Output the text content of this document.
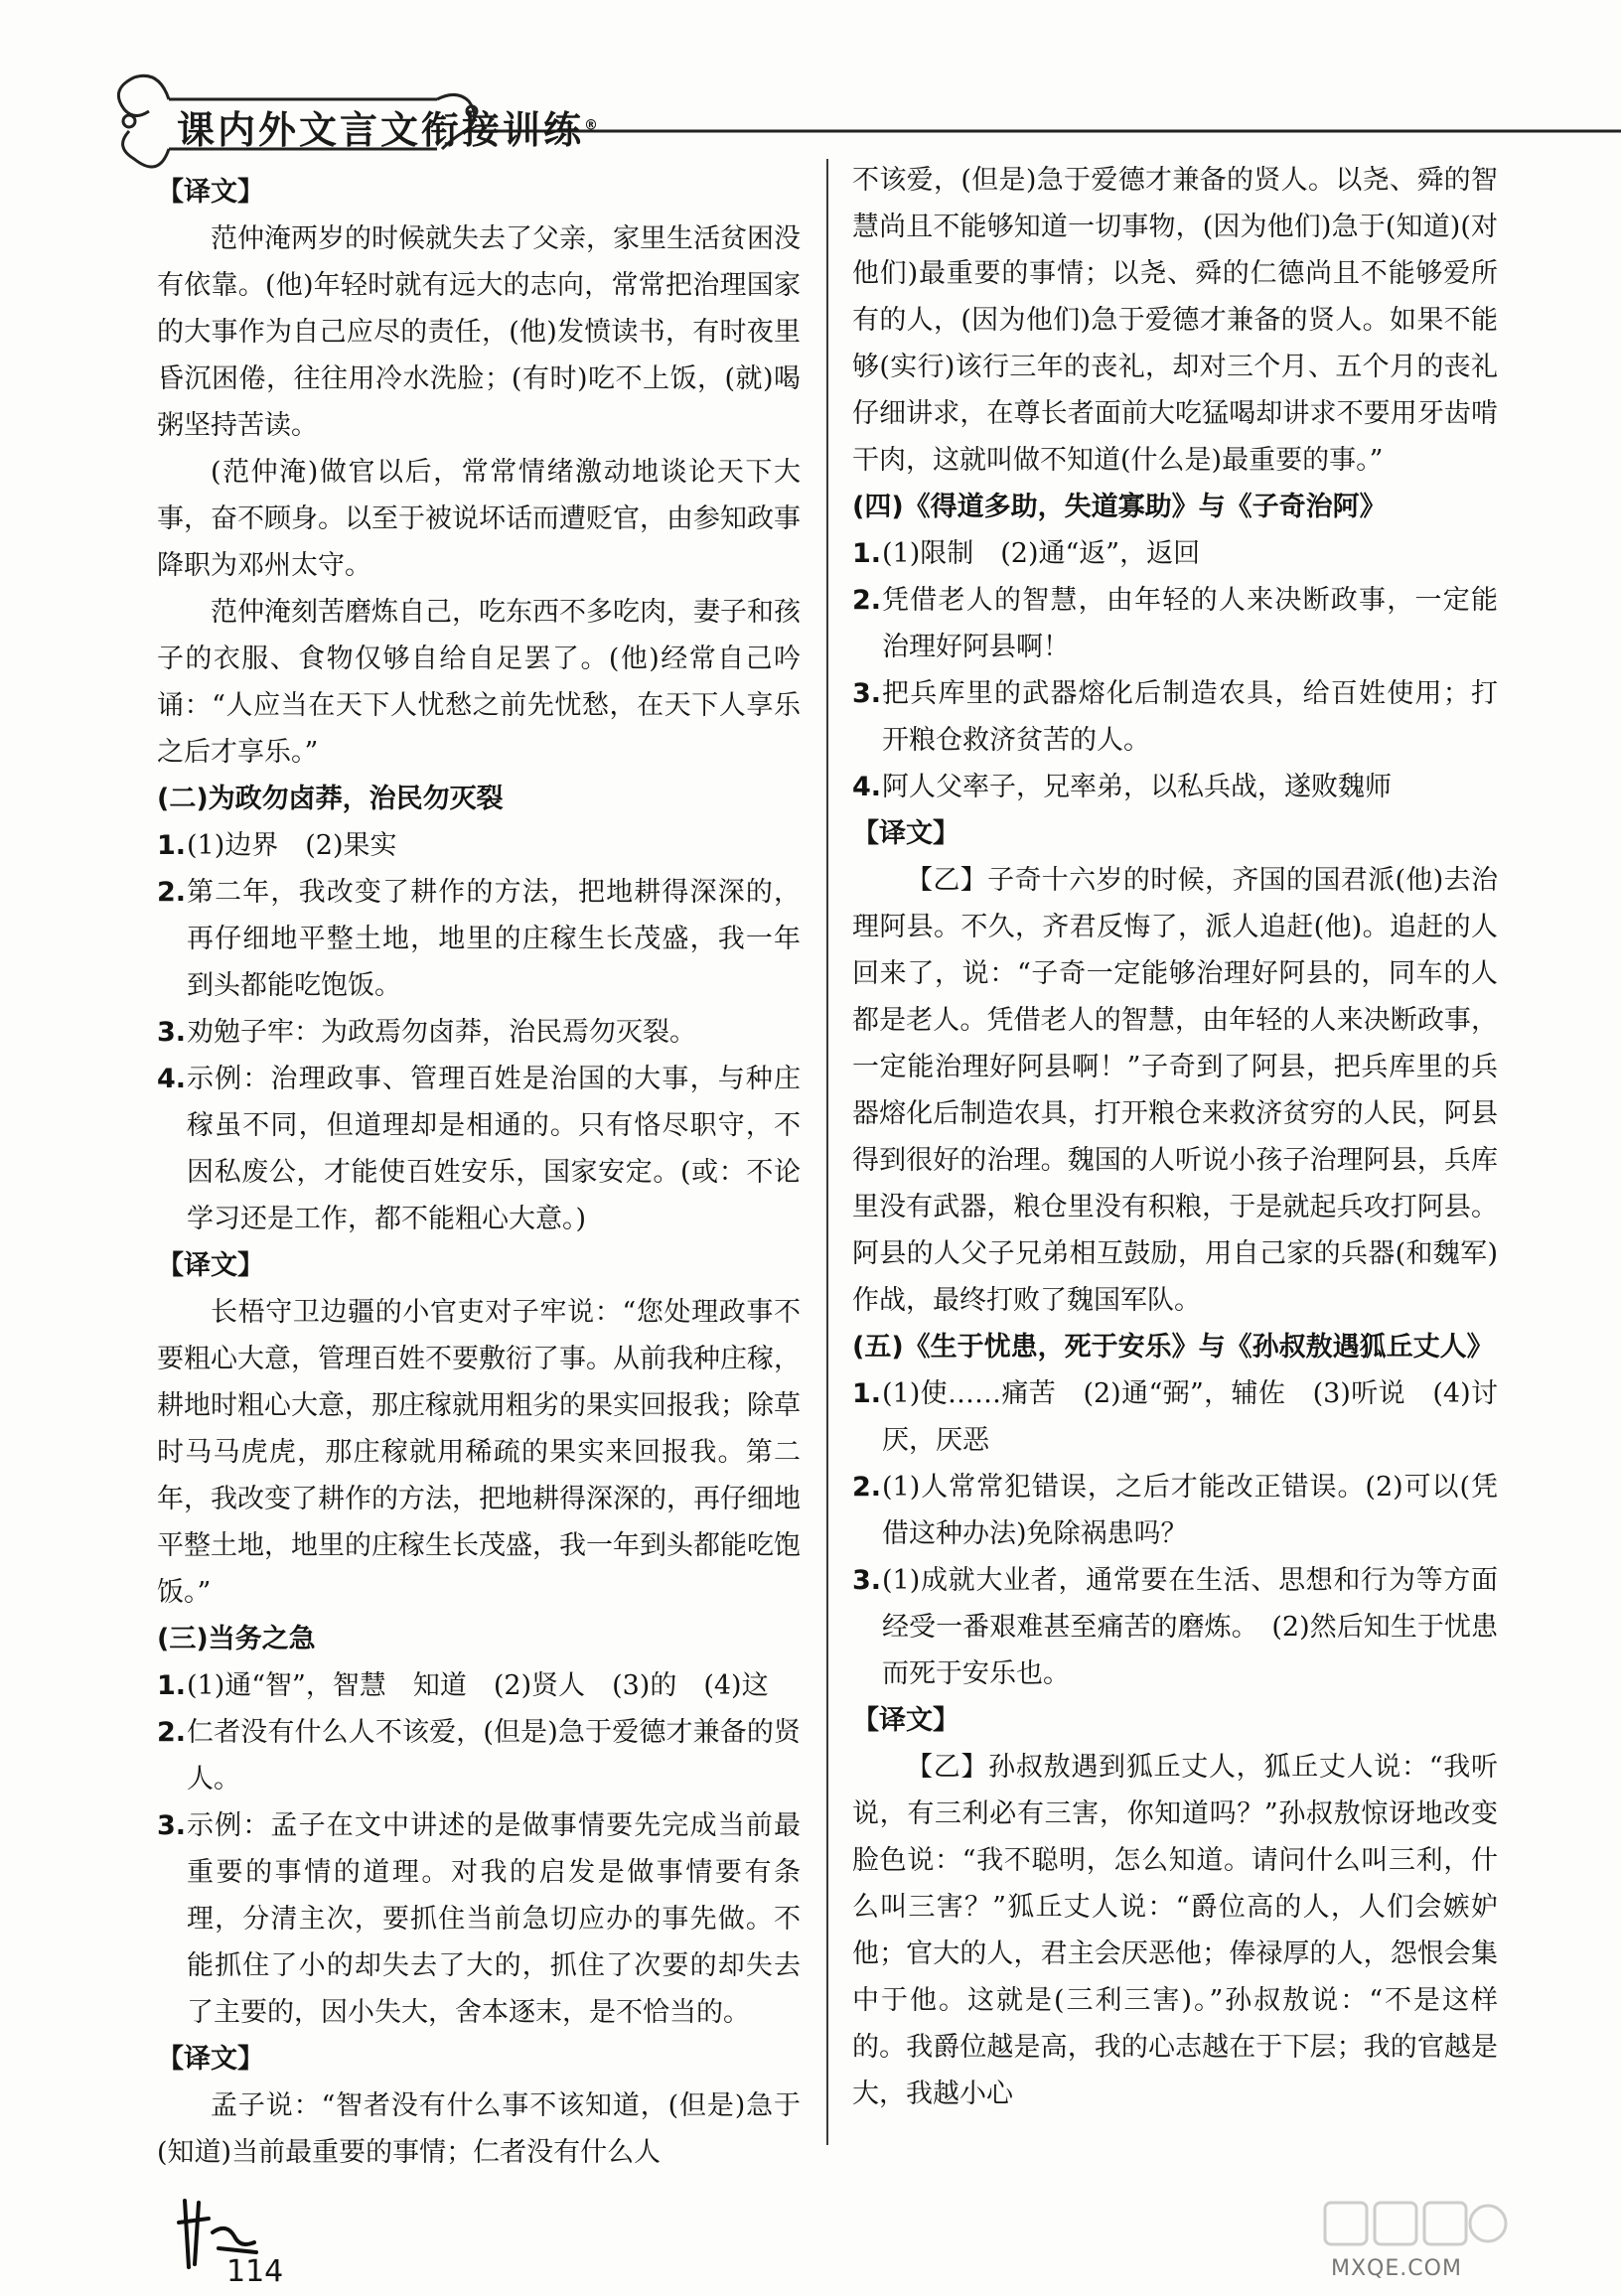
课内外文言文衔接训练®
【译文】

范仲淹两岁的时候就失去了父亲，家里生活贫困没有依靠。(他)年轻时就有远大的志向，常常把治理国家的大事作为自己应尽的责任，(他)发愤读书，有时夜里昏沉困倦，往往用冷水洗脸；(有时)吃不上饭，(就)喝粥坚持苦读。

(范仲淹)做官以后，常常情绪激动地谈论天下大事，奋不顾身。以至于被说坏话而遭贬官，由参知政事降职为邓州太守。

范仲淹刻苦磨炼自己，吃东西不多吃肉，妻子和孩子的衣服、食物仅够自给自足罢了。(他)经常自己吟诵：“人应当在天下人忧愁之前先忧愁，在天下人享乐之后才享乐。”

(二)为政勿卤莽，治民勿灭裂
1. (1)边界　(2)果实
2. 第二年，我改变了耕作的方法，把地耕得深深的，再仔细地平整土地，地里的庄稼生长茂盛，我一年到头都能吃饱饭。
3. 劝勉子牢：为政焉勿卤莽，治民焉勿灭裂。
4. 示例：治理政事、管理百姓是治国的大事，与种庄稼虽不同，但道理却是相通的。只有恪尽职守，不因私废公，才能使百姓安乐，国家安定。(或：不论学习还是工作，都不能粗心大意。)
【译文】

长梧守卫边疆的小官吏对子牢说：“您处理政事不要粗心大意，管理百姓不要敷衍了事。从前我种庄稼，耕地时粗心大意，那庄稼就用粗劣的果实回报我；除草时马马虎虎，那庄稼就用稀疏的果实来回报我。第二年，我改变了耕作的方法，把地耕得深深的，再仔细地平整土地，地里的庄稼生长茂盛，我一年到头都能吃饱饭。”

(三)当务之急
1. (1)通“智”，智慧　知道　(2)贤人　(3)的　(4)这
2. 仁者没有什么人不该爱，(但是)急于爱德才兼备的贤人。
3. 示例：孟子在文中讲述的是做事情要先完成当前最重要的事情的道理。对我的启发是做事情要有条理，分清主次，要抓住当前急切应办的事先做。不能抓住了小的却失去了大的，抓住了次要的却失去了主要的，因小失大，舍本逐末，是不恰当的。
【译文】

孟子说：“智者没有什么事不该知道，(但是)急于(知道)当前最重要的事情；仁者没有什么人

不该爱，(但是)急于爱德才兼备的贤人。以尧、舜的智慧尚且不能够知道一切事物，(因为他们)急于(知道)(对他们)最重要的事情；以尧、舜的仁德尚且不能够爱所有的人，(因为他们)急于爱德才兼备的贤人。如果不能够(实行)该行三年的丧礼，却对三个月、五个月的丧礼仔细讲求，在尊长者面前大吃猛喝却讲求不要用牙齿啃干肉，这就叫做不知道(什么是)最重要的事。”

(四)《得道多助，失道寡助》与《子奇治阿》
1. (1)限制　(2)通“返”，返回
2. 凭借老人的智慧，由年轻的人来决断政事，一定能治理好阿县啊！
3. 把兵库里的武器熔化后制造农具，给百姓使用；打开粮仓救济贫苦的人。
4. 阿人父率子，兄率弟，以私兵战，遂败魏师
【译文】

【乙】子奇十六岁的时候，齐国的国君派(他)去治理阿县。不久，齐君反悔了，派人追赶(他)。追赶的人回来了，说：“子奇一定能够治理好阿县的，同车的人都是老人。凭借老人的智慧，由年轻的人来决断政事，一定能治理好阿县啊！”子奇到了阿县，把兵库里的兵器熔化后制造农具，打开粮仓来救济贫穷的人民，阿县得到很好的治理。魏国的人听说小孩子治理阿县，兵库里没有武器，粮仓里没有积粮，于是就起兵攻打阿县。阿县的人父子兄弟相互鼓励，用自己家的兵器(和魏军)作战，最终打败了魏国军队。

(五)《生于忧患，死于安乐》与《孙叔敖遇狐丘丈人》
1. (1)使……痛苦　(2)通“弼”，辅佐　(3)听说　(4)讨厌，厌恶
2. (1)人常常犯错误，之后才能改正错误。(2)可以(凭借这种办法)免除祸患吗？
3. (1)成就大业者，通常要在生活、思想和行为等方面经受一番艰难甚至痛苦的磨炼。　(2)然后知生于忧患而死于安乐也。
【译文】

【乙】孙叔敖遇到狐丘丈人，狐丘丈人说：“我听说，有三利必有三害，你知道吗？”孙叔敖惊讶地改变脸色说：“我不聪明，怎么知道。请问什么叫三利，什么叫三害？”狐丘丈人说：“爵位高的人，人们会嫉妒他；官大的人，君主会厌恶他；俸禄厚的人，怨恨会集中于他。这就是(三利三害)。”孙叔敖说：“不是这样的。我爵位越是高，我的心志越在于下层；我的官越是大，我越小心

114	MXQE.COM
